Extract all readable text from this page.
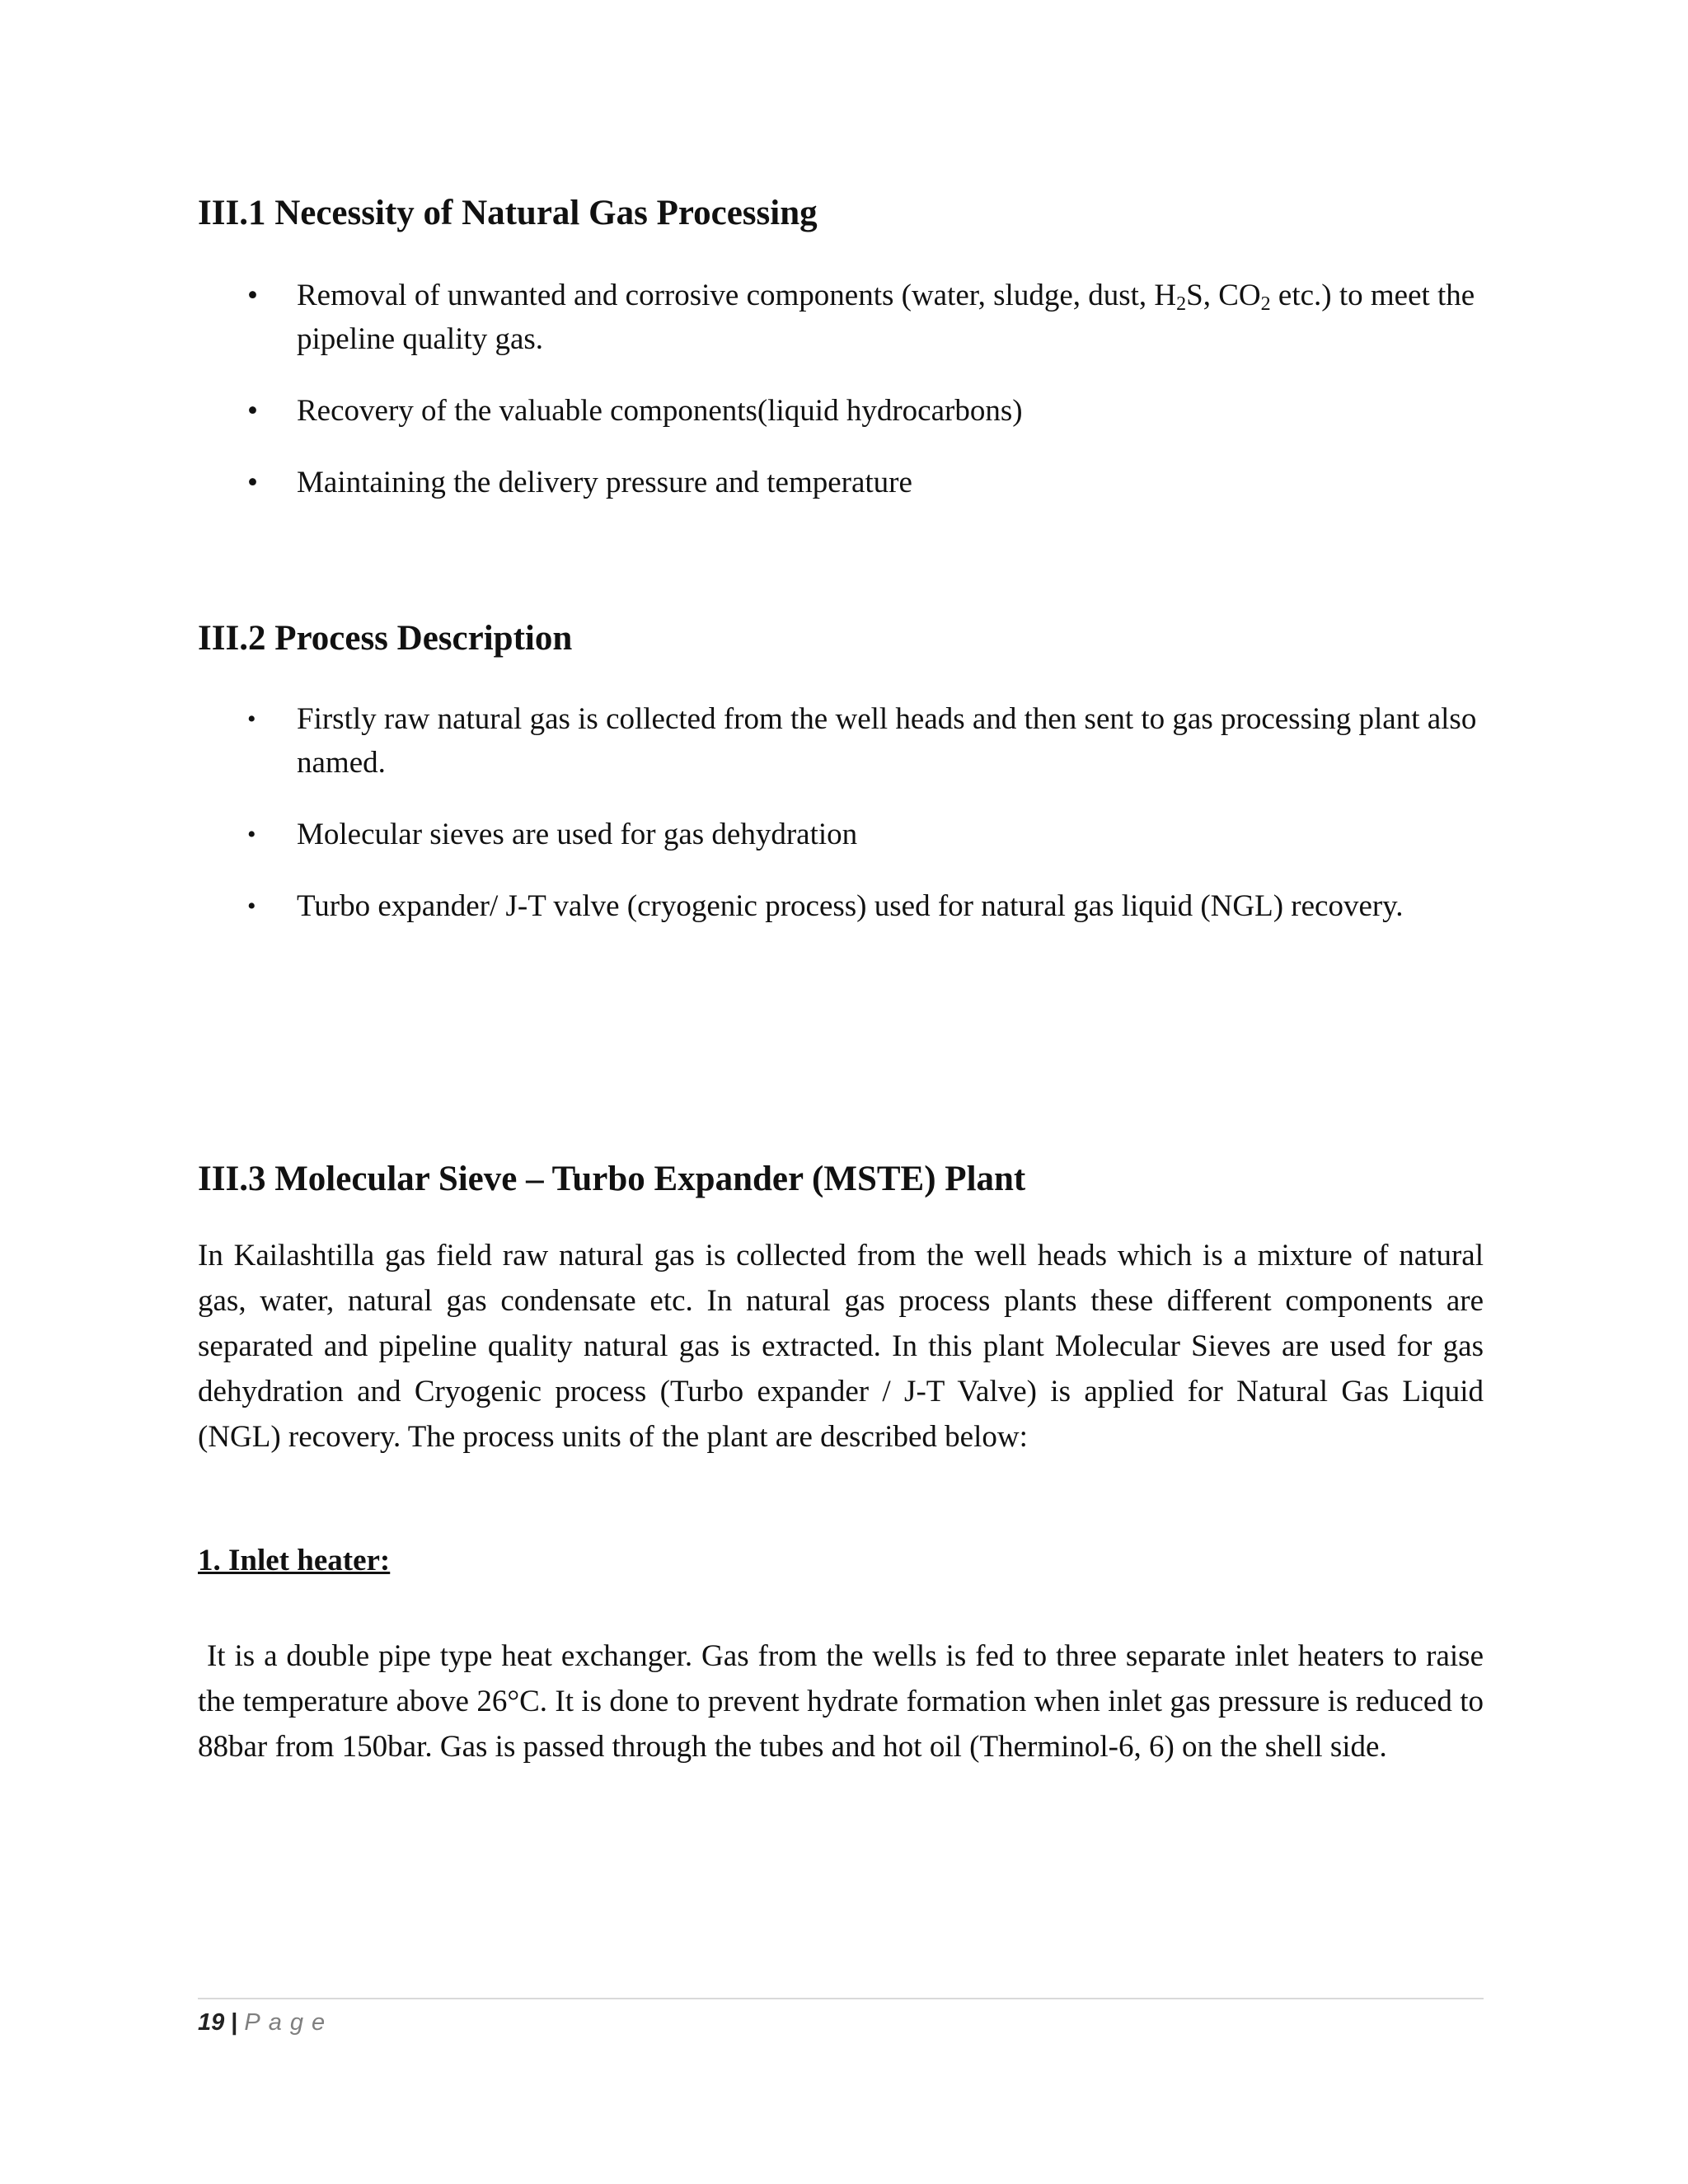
III.1 Necessity of Natural Gas Processing
• Removal of unwanted and corrosive components (water, sludge, dust, $H_2S$, $CO_2$ etc.) to meet the pipeline quality gas.
• Recovery of the valuable components(liquid hydrocarbons)
• Maintaining the delivery pressure and temperature
III.2 Process Description
• Firstly raw natural gas is collected from the well heads and then sent to gas processing plant also named.
• Molecular sieves are used for gas dehydration
• Turbo expander/ J-T valve (cryogenic process) used for natural gas liquid (NGL) recovery.
III.3 Molecular Sieve – Turbo Expander (MSTE) Plant

In Kailashtilla gas field raw natural gas is collected from the well heads which is a mixture of natural gas, water, natural gas condensate etc. In natural gas process plants these different components are separated and pipeline quality natural gas is extracted. In this plant Molecular Sieves are used for gas dehydration and Cryogenic process (Turbo expander / J-T Valve) is applied for Natural Gas Liquid (NGL) recovery. The process units of the plant are described below:

1. Inlet heater:

It is a double pipe type heat exchanger. Gas from the wells is fed to three separate inlet heaters to raise the temperature above 26°C. It is done to prevent hydrate formation when inlet gas pressure is reduced to 88bar from 150bar. Gas is passed through the tubes and hot oil (Therminol-6, 6) on the shell side.

19 | Page
